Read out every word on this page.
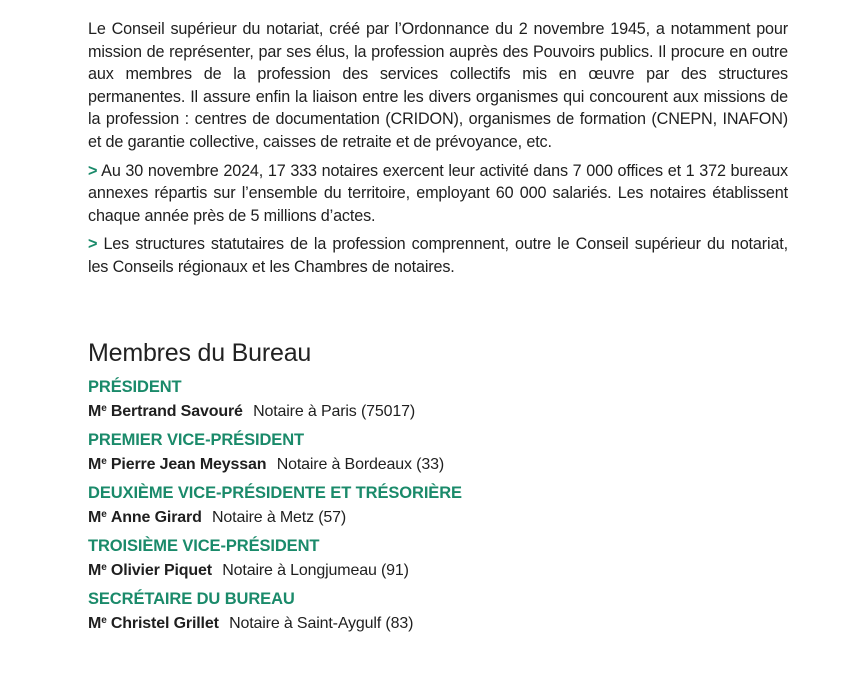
Le Conseil supérieur du notariat, créé par l’Ordonnance du 2 novembre 1945, a notamment pour mission de représenter, par ses élus, la profession auprès des Pouvoirs publics. Il procure en outre aux membres de la profession des services collectifs mis en œuvre par des structures permanentes. Il assure enfin la liaison entre les divers organismes qui concourent aux missions de la profession : centres de documentation (CRIDON), organismes de formation (CNEPN, INAFON) et de garantie collective, caisses de retraite et de prévoyance, etc.

> Au 30 novembre 2024, 17 333 notaires exercent leur activité dans 7 000 offices et 1 372 bureaux annexes répartis sur l’ensemble du territoire, employant 60 000 salariés. Les notaires établissent chaque année près de 5 millions d’actes.

> Les structures statutaires de la profession comprennent, outre le Conseil supérieur du notariat, les Conseils régionaux et les Chambres de notaires.

Membres du Bureau
PRÉSIDENT
Me Bertrand Savouré Notaire à Paris (75017)
PREMIER VICE-PRÉSIDENT
Me Pierre Jean Meyssan Notaire à Bordeaux (33)
DEUXIÈME VICE-PRÉSIDENTE ET TRÉSORIÈRE
Me Anne Girard Notaire à Metz (57)
TROISIÈME VICE-PRÉSIDENT
Me Olivier Piquet Notaire à Longjumeau (91)
SECRÉTAIRE DU BUREAU
Me Christel Grillet Notaire à Saint-Aygulf (83)
